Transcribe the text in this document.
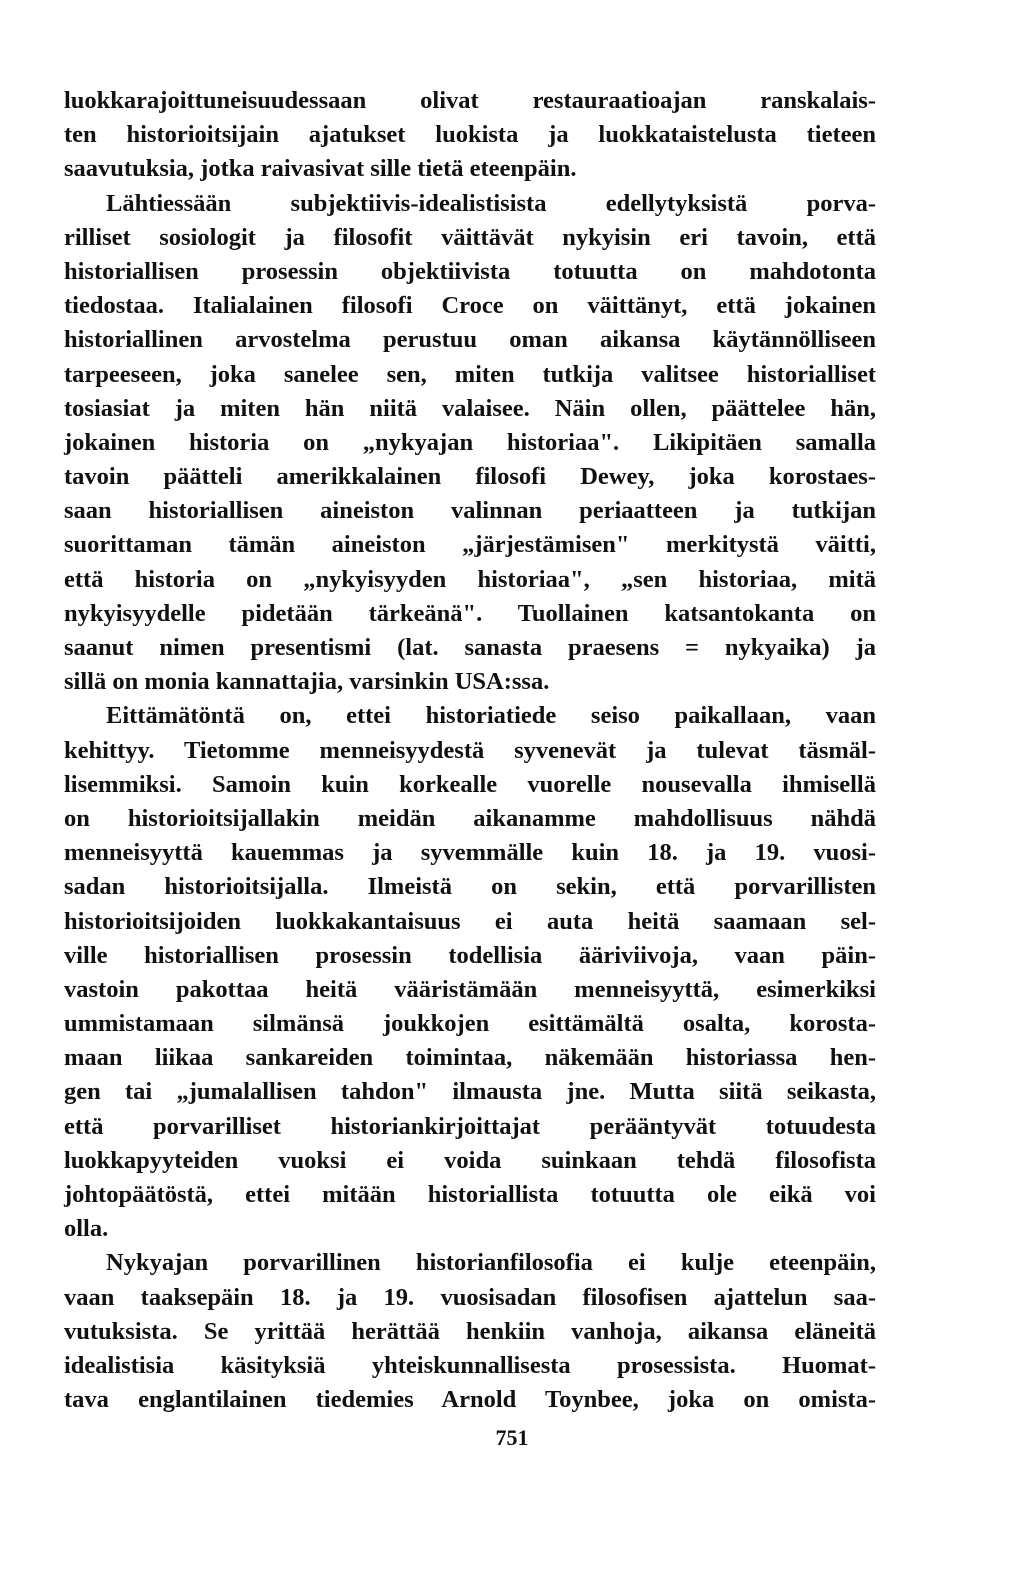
luokkarajoittuneisuudessaan olivat restauraatioajan ranskalais-
ten historioitsijain ajatukset luokista ja luokkataistelusta tieteen
saavutuksia, jotka raivasivat sille tietä eteenpäin.
Lähtiessään subjektiivis-idealistisista edellytyksistä porva-
rilliset sosiologit ja filosofit väittävät nykyisin eri tavoin, että
historiallisen prosessin objektiivista totuutta on mahdotonta
tiedostaa. Italialainen filosofi Croce on väittänyt, että jokainen
historiallinen arvostelma perustuu oman aikansa käytännölliseen
tarpeeseen, joka sanelee sen, miten tutkija valitsee historialliset
tosiasiat ja miten hän niitä valaisee. Näin ollen, päättelee hän,
jokainen historia on „nykyajan historiaa". Likipitäen samalla
tavoin päätteli amerikkalainen filosofi Dewey, joka korostaes-
saan historiallisen aineiston valinnan periaatteen ja tutkijan
suorittaman tämän aineiston „järjestämisen" merkitystä väitti,
että historia on „nykyisyyden historiaa", „sen historiaa, mitä
nykyisyydelle pidetään tärkeänä". Tuollainen katsantokanta on
saanut nimen presentismi (lat. sanasta praesens = nykyaika) ja
sillä on monia kannattajia, varsinkin USA:ssa.
Eittämätöntä on, ettei historiatiede seiso paikallaan, vaan
kehittyy. Tietomme menneisyydestä syvenevät ja tulevat täsmäl-
lisemmiksi. Samoin kuin korkealle vuorelle nousevalla ihmisellä
on historioitsijallakin meidän aikanamme mahdollisuus nähdä
menneisyyttä kauemmas ja syvemmälle kuin 18. ja 19. vuosi-
sadan historioitsijalla. Ilmeistä on sekin, että porvarillisten
historioitsijoiden luokkakantaisuus ei auta heitä saamaan sel-
ville historiallisen prosessin todellisia ääriviivoja, vaan päin-
vastoin pakottaa heitä vääristämään menneisyyttä, esimerkiksi
ummistamaan silmänsä joukkojen esittämältä osalta, korosta-
maan liikaa sankareiden toimintaa, näkemään historiassa hen-
gen tai „jumalallisen tahdon" ilmausta jne. Mutta siitä seikasta,
että porvarilliset historiankirjoittajat perääntyvät totuudesta
luokkapyyteiden vuoksi ei voida suinkaan tehdä filosofista
johtopäätöstä, ettei mitään historiallista totuutta ole eikä voi
olla.
Nykyajan porvarillinen historianfilosofia ei kulje eteenpäin,
vaan taaksepäin 18. ja 19. vuosisadan filosofisen ajattelun saa-
vutuksista. Se yrittää herättää henkiin vanhoja, aikansa eläneitä
idealistisia käsityksiä yhteiskunnallisesta prosessista. Huomat-
tava englantilainen tiedemies Arnold Toynbee, joka on omista-
751
